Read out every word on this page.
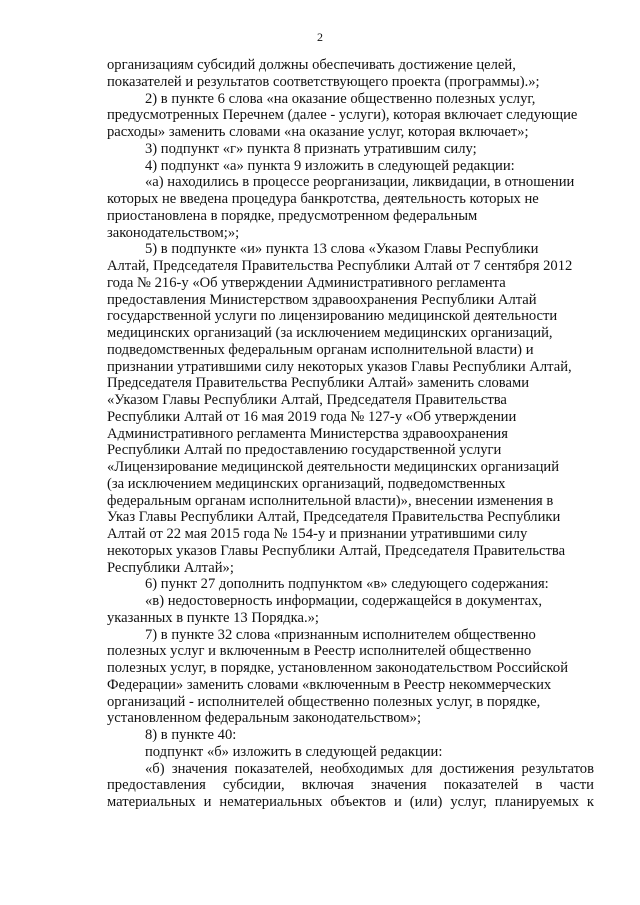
2

организациям субсидий должны обеспечивать достижение целей,
показателей и результатов соответствующего проекта (программы).»;

2) в пункте 6 слова «на оказание общественно полезных услуг,
предусмотренных Перечнем (далее - услуги), которая включает следующие
расходы» заменить словами «на оказание услуг, которая включает»;

3) подпункт «г» пункта 8 признать утратившим силу;

4) подпункт «а» пункта 9 изложить в следующей редакции:

«а) находились в процессе реорганизации, ликвидации, в отношении
которых не введена процедура банкротства, деятельность которых не
приостановлена в порядке, предусмотренном федеральным
законодательством;»;

5) в подпункте «и» пункта 13 слова «Указом Главы Республики
Алтай, Председателя Правительства Республики Алтай от 7 сентября 2012
года № 216-у «Об утверждении Административного регламента
предоставления Министерством здравоохранения Республики Алтай
государственной услуги по лицензированию медицинской деятельности
медицинских организаций (за исключением медицинских организаций,
подведомственных федеральным органам исполнительной власти) и
признании утратившими силу некоторых указов Главы Республики Алтай,
Председателя Правительства Республики Алтай» заменить словами
«Указом Главы Республики Алтай, Председателя Правительства
Республики Алтай от 16 мая 2019 года № 127-у «Об утверждении
Административного регламента Министерства здравоохранения
Республики Алтай по предоставлению государственной услуги
«Лицензирование медицинской деятельности медицинских организаций
(за исключением медицинских организаций, подведомственных
федеральным органам исполнительной власти)», внесении изменения в
Указ Главы Республики Алтай, Председателя Правительства Республики
Алтай от 22 мая 2015 года № 154-у и признании утратившими силу
некоторых указов Главы Республики Алтай, Председателя Правительства
Республики Алтай»;

6) пункт 27 дополнить подпунктом «в» следующего содержания:

«в) недостоверность информации, содержащейся в документах,
указанных в пункте 13 Порядка.»;

7) в пункте 32 слова «признанным исполнителем общественно
полезных услуг и включенным в Реестр исполнителей общественно
полезных услуг, в порядке, установленном законодательством Российской
Федерации» заменить словами «включенным в Реестр некоммерческих
организаций - исполнителей общественно полезных услуг, в порядке,
установленном федеральным законодательством»;

8) в пункте 40:

подпункт «б» изложить в следующей редакции:

«б) значения показателей, необходимых для достижения результатов
предоставления субсидии, включая значения показателей в части
материальных и нематериальных объектов и (или) услуг, планируемых к
